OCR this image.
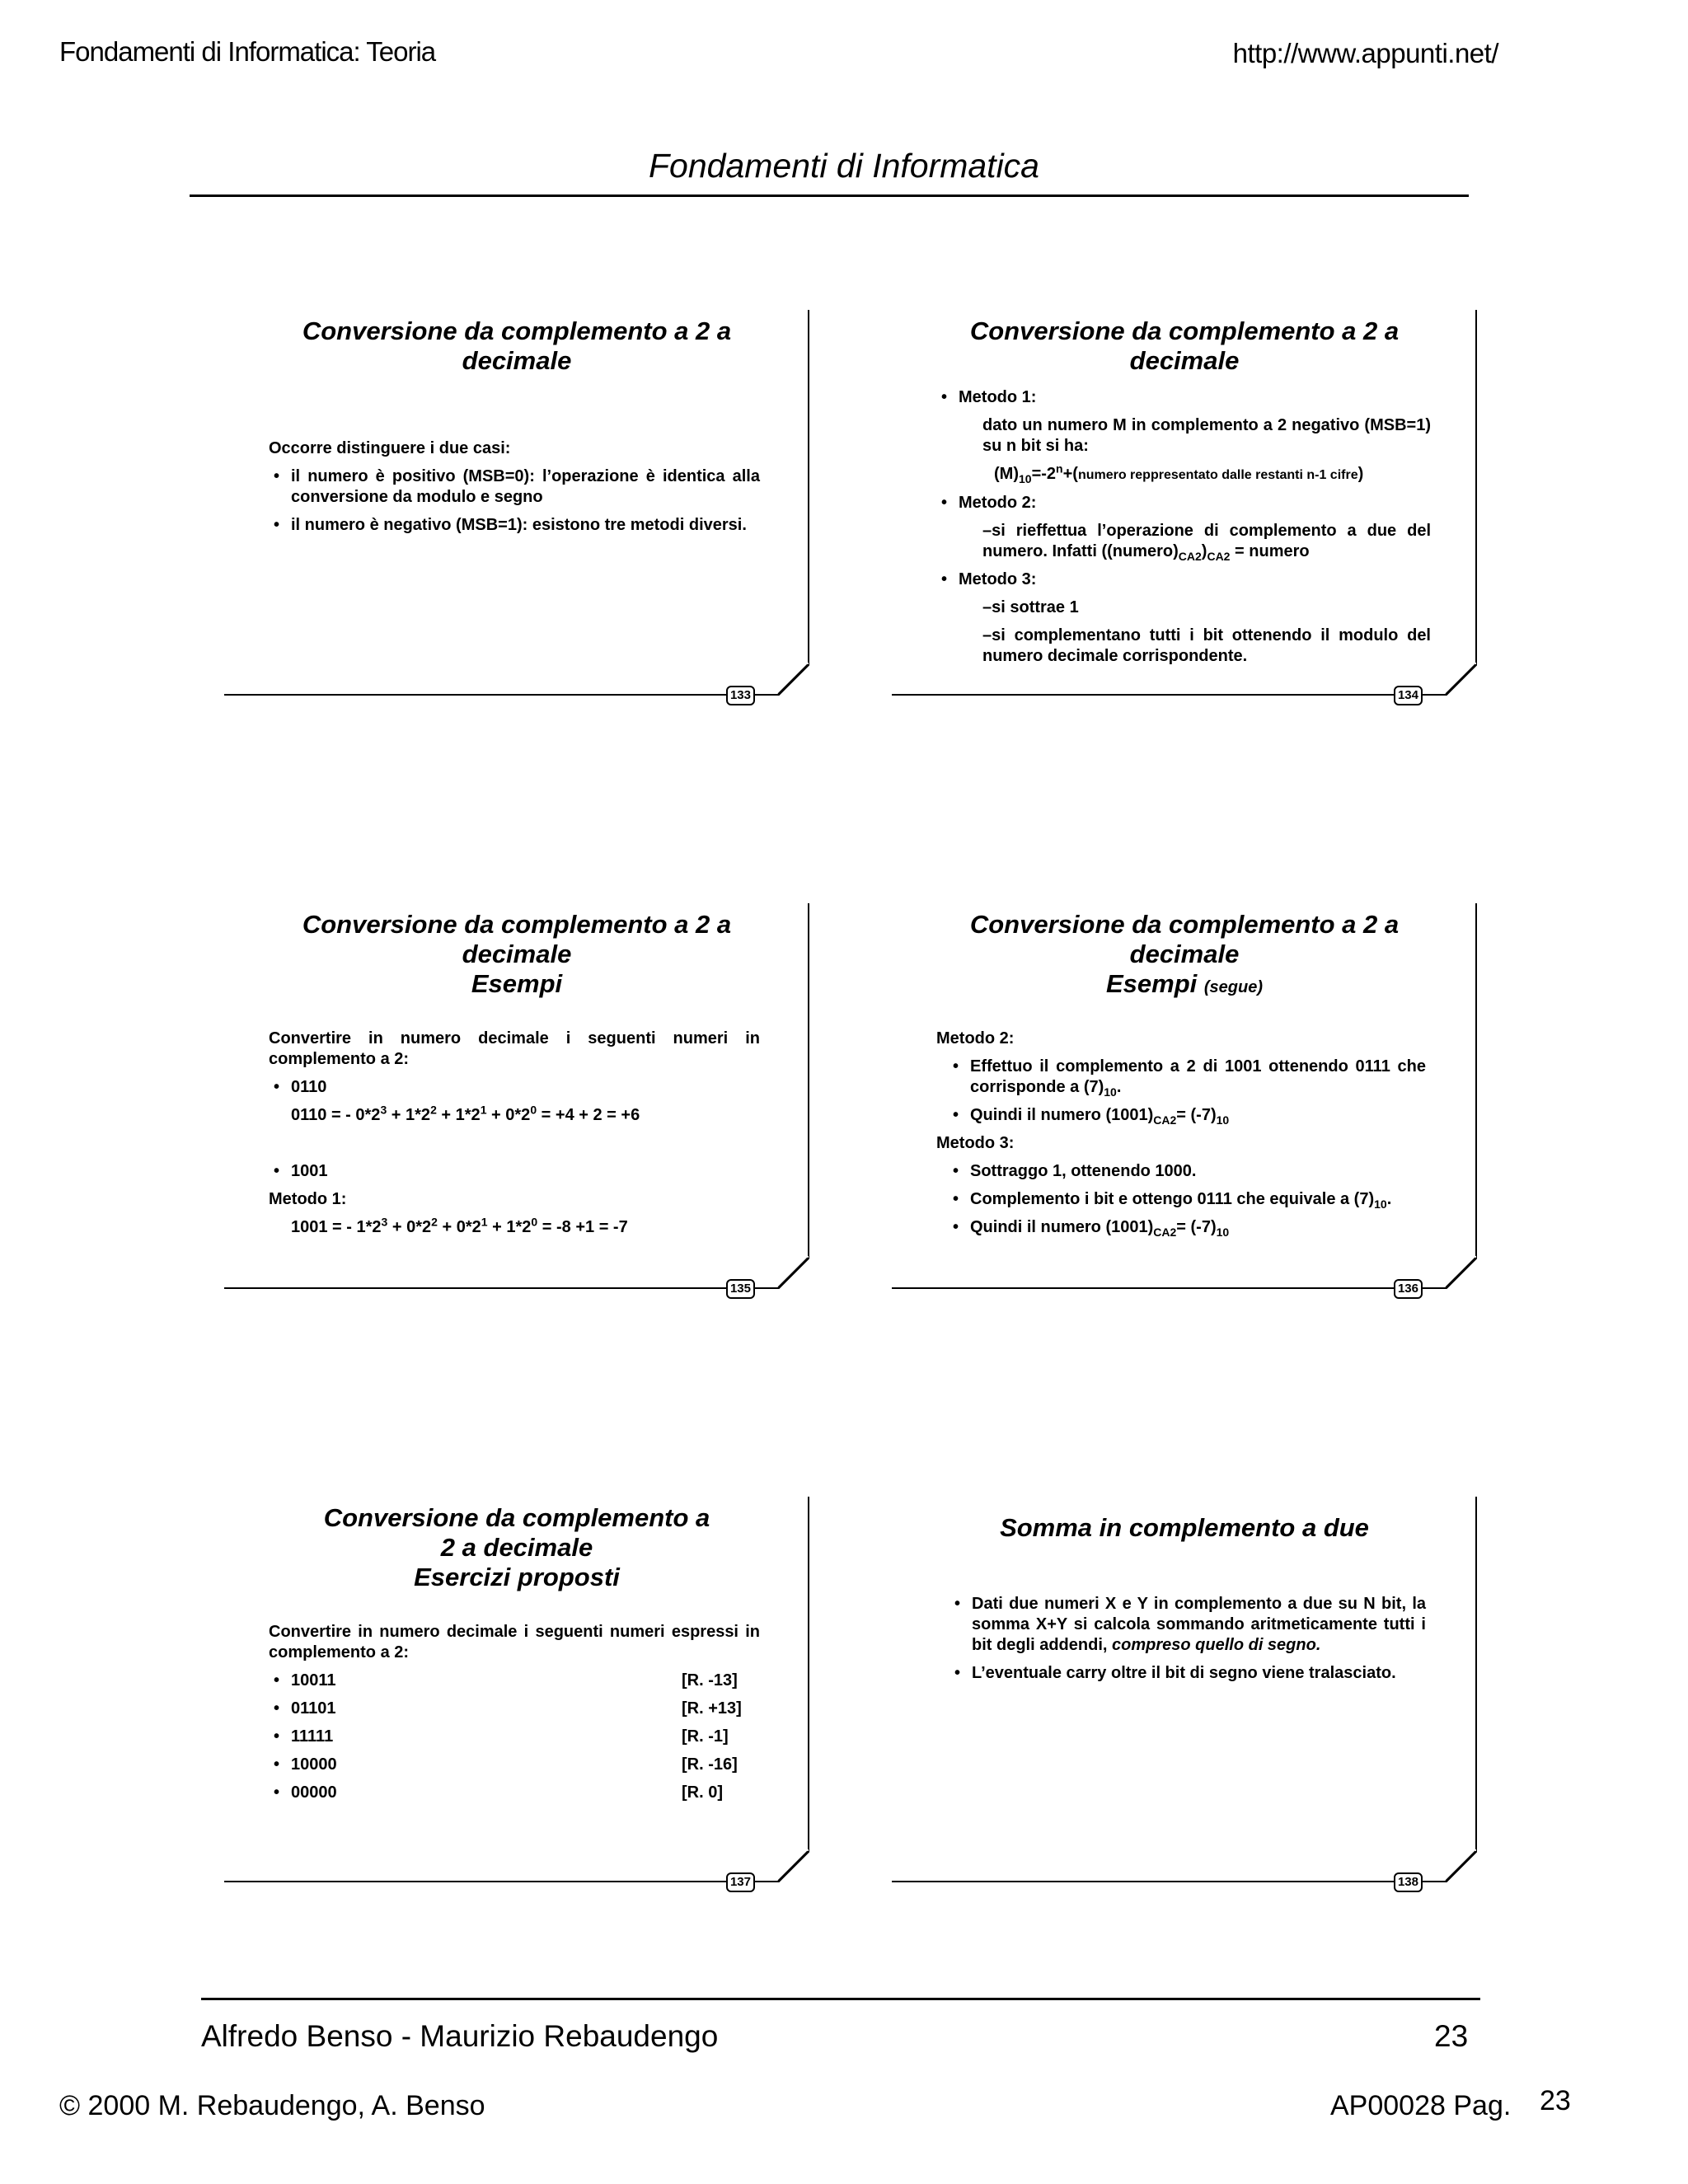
Fondamenti di Informatica: Teoria	http://www.appunti.net/
Fondamenti di Informatica
Conversione da complemento a 2 a
decimale

Occorre distinguere i due casi:

• il numero è positivo (MSB=0): l’operazione è identica alla conversione da modulo e segno

• il numero è negativo (MSB=1): esistono tre metodi diversi.

133
Conversione da complemento a 2 a
decimale

• Metodo 1:

dato un numero M in complemento a 2 negativo (MSB=1) su n bit si ha:

$(M)_{10}=-2^n+(numero$ reppresentato dalle restanti n-1 cifre)

• Metodo 2:

–si rieffettua l’operazione di complemento a due del numero. Infatti $((numero)_{CA2})_{CA2}$ = numero

• Metodo 3:

–si sottrae 1

–si complementano tutti i bit ottenendo il modulo del numero decimale corrispondente.

134
Conversione da complemento a 2 a
decimale
Esempi

Convertire in numero decimale i seguenti numeri in complemento a 2:

• 0110

0110 = - $0*2^3 + 1*2^2 + 1*2^1 + 0*2^0 = +4 + 2 = +6$

• 1001

Metodo 1:

1001 = - $1*2^3 + 0*2^2 + 0*2^1 + 1*2^0 = -8 +1 = -7$

135
Conversione da complemento a 2 a
decimale
Esempi (segue)

Metodo 2:

• Effettuo il complemento a 2 di 1001 ottenendo 0111 che corrisponde a $(7)_{10}$.

• Quindi il numero $(1001)_{CA2}= (-7)_{10}$

Metodo 3:

• Sottraggo 1, ottenendo 1000.

• Complemento i bit e ottengo 0111 che equivale a $(7)_{10}$.

• Quindi il numero $(1001)_{CA2}= (-7)_{10}$

136
Conversione da complemento a
2 a decimale
Esercizi proposti

Convertire in numero decimale i seguenti numeri espressi in complemento a 2:

• 10011	[R. -13]

• 01101	[R. +13]

• 11111	[R. -1]

• 10000	[R. -16]

• 00000	[R. 0]

137
Somma in complemento a due

• Dati due numeri X e Y in complemento a due su N bit, la somma X+Y si calcola sommando aritmeticamente tutti i bit degli addendi, compreso quello di segno.

• L’eventuale carry oltre il bit di segno viene tralasciato.

138
Alfredo Benso - Maurizio Rebaudengo	23
© 2000 M. Rebaudengo, A. Benso	AP00028 Pag. 23
